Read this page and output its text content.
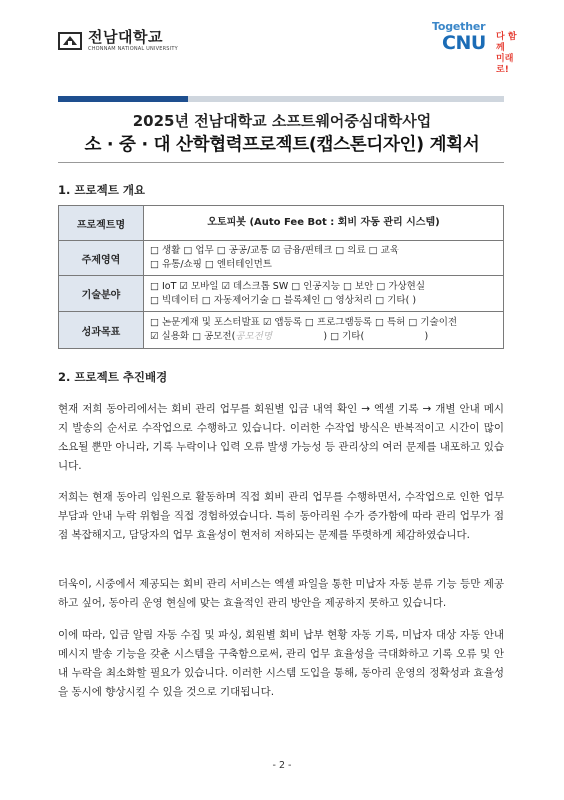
전남대학교
CHONNAM NATIONAL UNIVERSITY
Together
CNU 다 함께
미래로!
2025년 전남대학교 소프트웨어중심대학사업
소 · 중 · 대 산학협력프로젝트(캡스톤디자인) 계획서
1. 프로젝트 개요
프로젝트명	오토피봇 (Auto Fee Bot : 회비 자동 관리 시스템)
주제영역	□ 생활 □ 업무 □ 공공/교통 ☑ 금융/핀테크 □ 의료 □ 교육
□ 유통/쇼핑 □ 엔터테인먼트

기술분야	□ IoT ☑ 모바일 ☑ 데스크톱 SW □ 인공지능 □ 보안 □ 가상현실
□ 빅데이터 □ 자동제어기술 □ 블록체인 □ 영상처리 □ 기타( )

성과목표	□ 논문게재 및 포스터발표 ☑ 앱등록 □ 프로그램등록 □ 특허 □ 기술이전
☑ 실용화 □ 공모전(공모전명                 ) □ 기타(                    )
2. 프로젝트 추진배경

현재 저희 동아리에서는 회비 관리 업무를 회원별 입금 내역 확인 → 엑셀 기록 → 개별 안내 메시지 발송의 순서로 수작업으로 수행하고 있습니다. 이러한 수작업 방식은 반복적이고 시간이 많이 소요될 뿐만 아니라, 기록 누락이나 입력 오류 발생 가능성 등 관리상의 여러 문제를 내포하고 있습니다.

저희는 현재 동아리 임원으로 활동하며 직접 회비 관리 업무를 수행하면서, 수작업으로 인한 업무 부담과 안내 누락 위험을 직접 경험하였습니다. 특히 동아리원 수가 증가함에 따라 관리 업무가 점점 복잡해지고, 담당자의 업무 효율성이 현저히 저하되는 문제를 뚜렷하게 체감하였습니다.

더욱이, 시중에서 제공되는 회비 관리 서비스는 엑셀 파일을 통한 미납자 자동 분류 기능 등만 제공하고 싶어, 동아리 운영 현실에 맞는 효율적인 관리 방안을 제공하지 못하고 있습니다.

이에 따라, 입금 알림 자동 수집 및 파싱, 회원별 회비 납부 현황 자동 기록, 미납자 대상 자동 안내 메시지 발송 기능을 갖춘 시스템을 구축함으로써, 관리 업무 효율성을 극대화하고 기록 오류 및 안내 누락을 최소화할 필요가 있습니다. 이러한 시스템 도입을 통해, 동아리 운영의 정확성과 효율성을 동시에 향상시킬 수 있을 것으로 기대됩니다.

- 2 -
